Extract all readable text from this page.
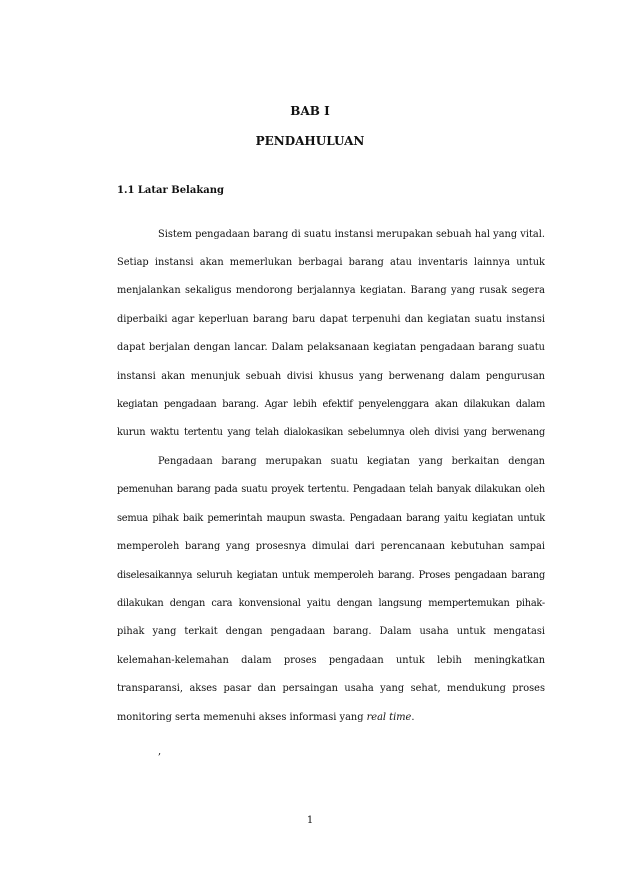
BAB I
PENDAHULUAN
1.1 Latar Belakang
Sistem pengadaan barang di suatu instansi merupakan sebuah hal yang vital.
Setiap instansi akan memerlukan berbagai barang atau inventaris lainnya untuk
menjalankan sekaligus mendorong berjalannya kegiatan. Barang yang rusak segera
diperbaiki agar keperluan barang baru dapat terpenuhi dan kegiatan suatu instansi
dapat berjalan dengan lancar. Dalam pelaksanaan kegiatan pengadaan barang suatu
instansi akan menunjuk sebuah divisi khusus yang berwenang dalam pengurusan
kegiatan pengadaan barang. Agar lebih efektif penyelenggara akan dilakukan dalam
kurun waktu tertentu yang telah dialokasikan sebelumnya oleh divisi yang berwenang
Pengadaan barang merupakan suatu kegiatan yang berkaitan dengan
pemenuhan barang pada suatu proyek tertentu. Pengadaan telah banyak dilakukan oleh
semua pihak baik pemerintah maupun swasta. Pengadaan barang yaitu kegiatan untuk
memperoleh barang yang prosesnya dimulai dari perencanaan kebutuhan sampai
diselesaikannya seluruh kegiatan untuk memperoleh barang. Proses pengadaan barang
dilakukan dengan cara konvensional yaitu dengan langsung mempertemukan pihak-
pihak yang terkait dengan pengadaan barang. Dalam usaha untuk mengatasi
kelemahan-kelemahan dalam proses pengadaan untuk lebih meningkatkan
transparansi, akses pasar dan persaingan usaha yang sehat, mendukung proses
monitoring serta memenuhi akses informasi yang real time.
,
1
